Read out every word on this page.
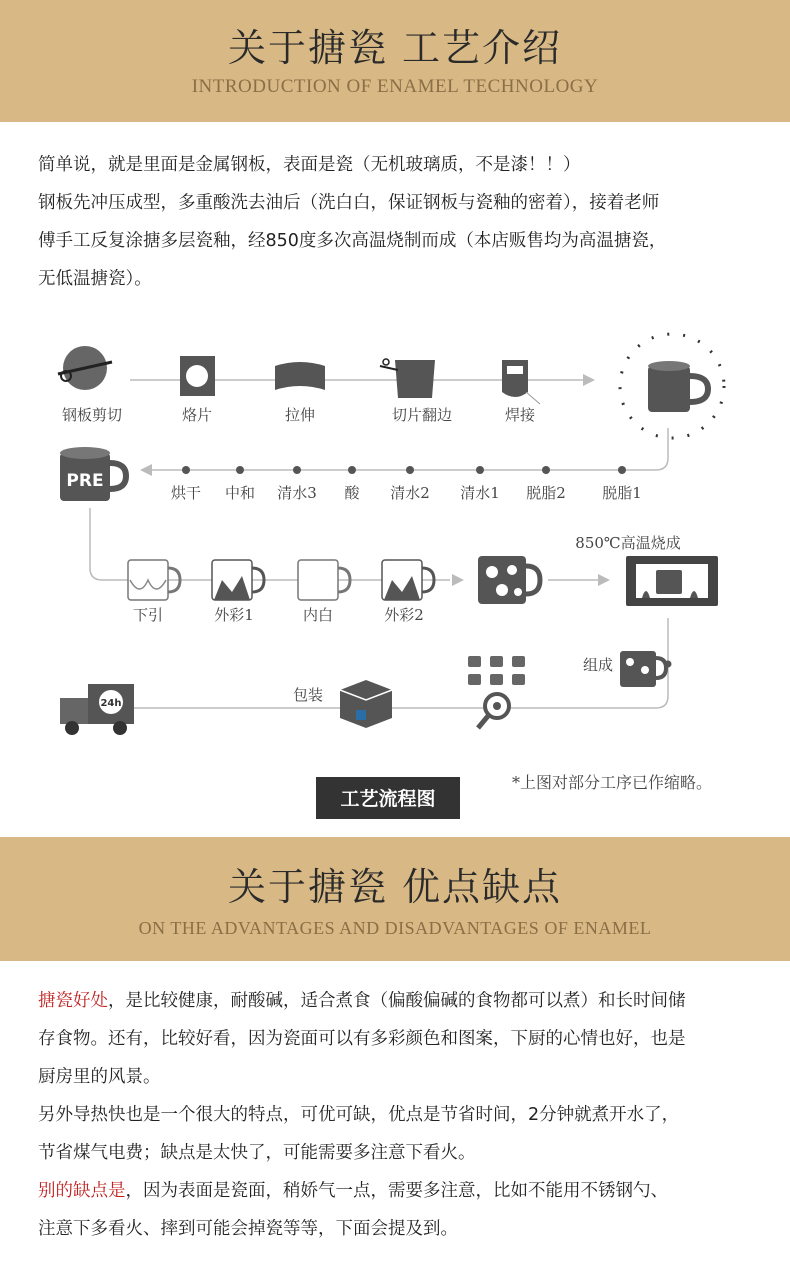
关于搪瓷 工艺介绍
INTRODUCTION OF ENAMEL TECHNOLOGY
简单说，就是里面是金属钢板，表面是瓷（无机玻璃质，不是漆！！）
钢板先冲压成型，多重酸洗去油后（洗白白，保证钢板与瓷釉的密着），接着老师
傅手工反复涂搪多层瓷釉，经850度多次高温烧制而成（本店贩售均为高温搪瓷，
无低温搪瓷）。
钢板剪切	烙片	拉伸	切片翻边	焊接
PRE
烘干 中和 清水3 酸 清水2 清水1 脱脂2 脱脂1
下引	外彩1	内白	外彩2
850℃高温烧成
组成
包装
24h
*上图对部分工序已作缩略。
工艺流程图
关于搪瓷 优点缺点
ON THE ADVANTAGES AND DISADVANTAGES OF ENAMEL
搪瓷好处，是比较健康，耐酸碱，适合煮食（偏酸偏碱的食物都可以煮）和长时间储
存食物。还有，比较好看，因为瓷面可以有多彩颜色和图案，下厨的心情也好，也是
厨房里的风景。
另外导热快也是一个很大的特点，可优可缺，优点是节省时间，2分钟就煮开水了，
节省煤气电费；缺点是太快了，可能需要多注意下看火。
别的缺点是，因为表面是瓷面，稍娇气一点，需要多注意，比如不能用不锈钢勺、
注意下多看火、摔到可能会掉瓷等等，下面会提及到。
